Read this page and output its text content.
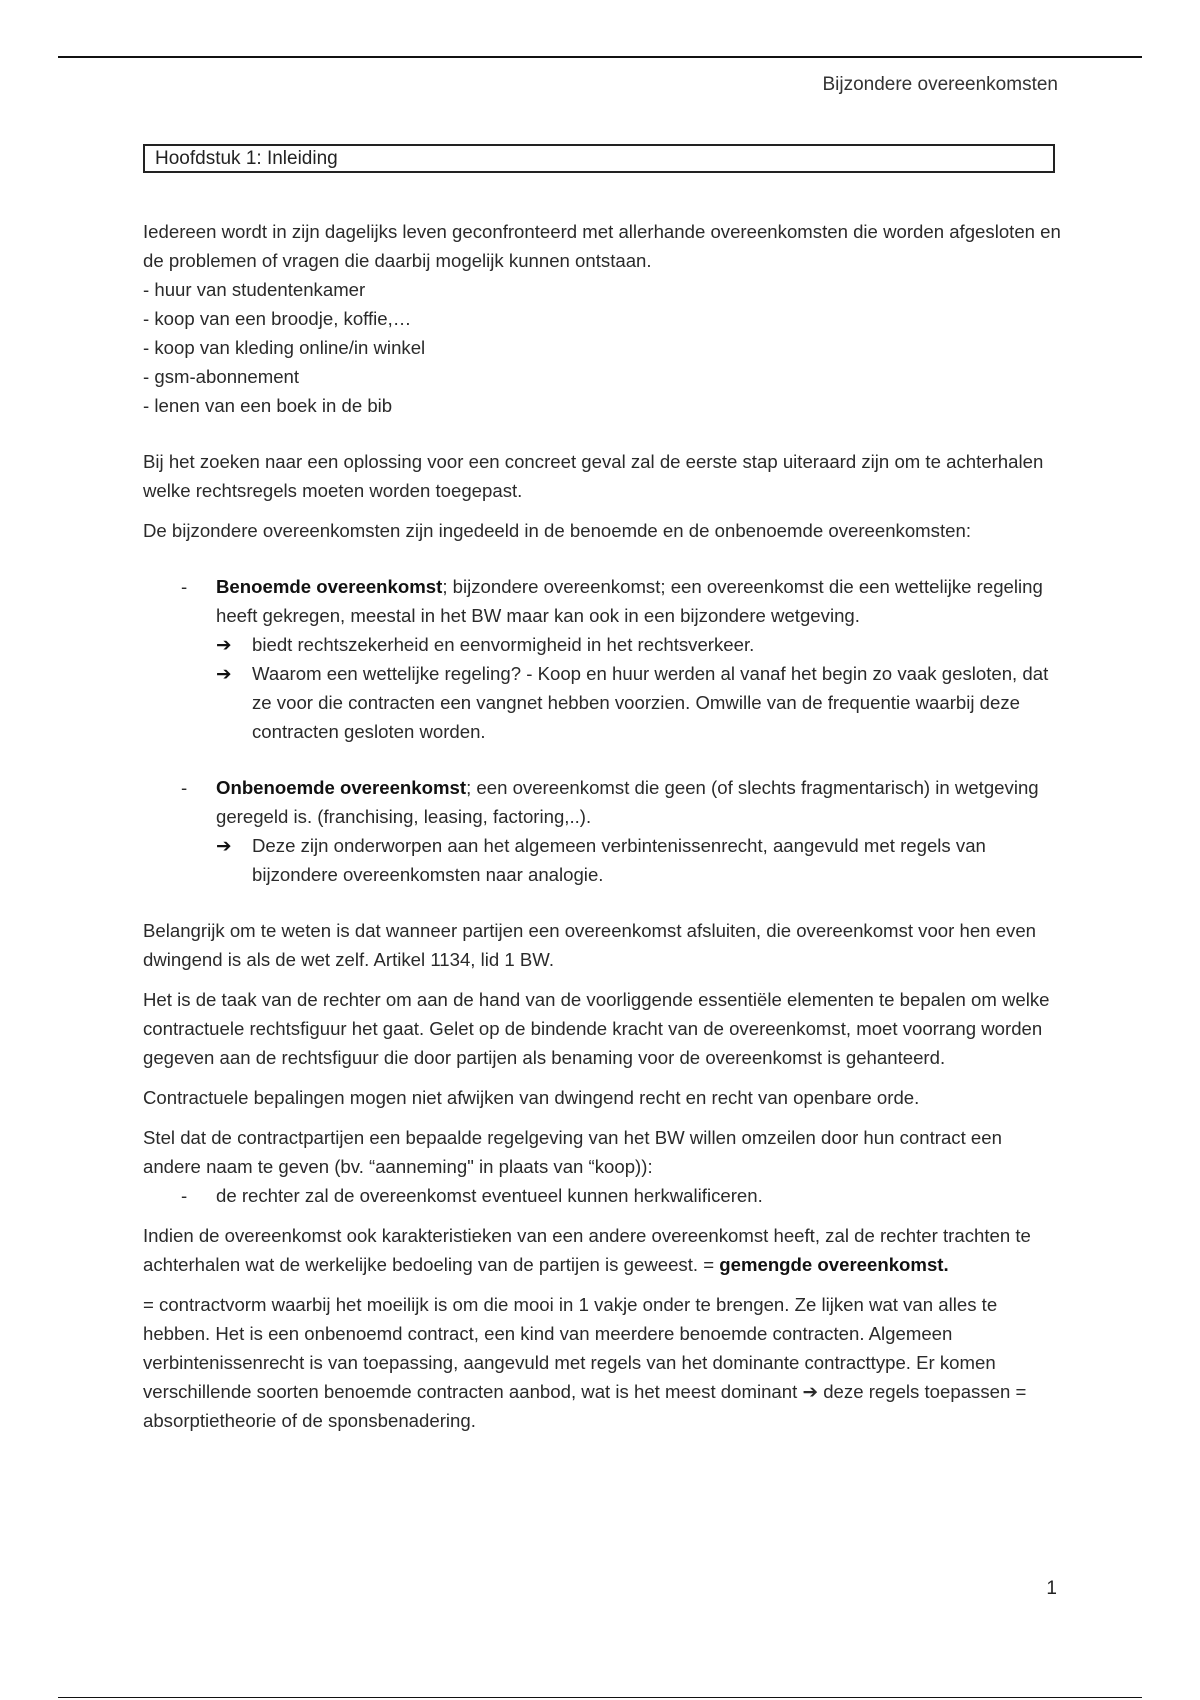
Bijzondere overeenkomsten
Hoofdstuk 1: Inleiding

Iedereen wordt in zijn dagelijks leven geconfronteerd met allerhande overeenkomsten die worden afgesloten en de problemen of vragen die daarbij mogelijk kunnen ontstaan.

- huur van studentenkamer
- koop van een broodje, koffie,…
- koop van kleding online/in winkel
- gsm-abonnement
- lenen van een boek in de bib

Bij het zoeken naar een oplossing voor een concreet geval zal de eerste stap uiteraard zijn om te achterhalen welke rechtsregels moeten worden toegepast.

De bijzondere overeenkomsten zijn ingedeeld in de benoemde en de onbenoemde overeenkomsten:

- Benoemde overeenkomst; bijzondere overeenkomst; een overeenkomst die een wettelijke regeling heeft gekregen, meestal in het BW maar kan ook in een bijzondere wetgeving.

➔ biedt rechtszekerheid en eenvormigheid in het rechtsverkeer.
➔ Waarom een wettelijke regeling? - Koop en huur werden al vanaf het begin zo vaak gesloten, dat ze voor die contracten een vangnet hebben voorzien. Omwille van de frequentie waarbij deze contracten gesloten worden.
- Onbenoemde overeenkomst; een overeenkomst die geen (of slechts fragmentarisch) in wetgeving geregeld is. (franchising, leasing, factoring,..).

➔ Deze zijn onderworpen aan het algemeen verbintenissenrecht, aangevuld met regels van bijzondere overeenkomsten naar analogie.

Belangrijk om te weten is dat wanneer partijen een overeenkomst afsluiten, die overeenkomst voor hen even dwingend is als de wet zelf. Artikel 1134, lid 1 BW.

Het is de taak van de rechter om aan de hand van de voorliggende essentiële elementen te bepalen om welke contractuele rechtsfiguur het gaat. Gelet op de bindende kracht van de overeenkomst, moet voorrang worden gegeven aan de rechtsfiguur die door partijen als benaming voor de overeenkomst is gehanteerd.

Contractuele bepalingen mogen niet afwijken van dwingend recht en recht van openbare orde.

Stel dat de contractpartijen een bepaalde regelgeving van het BW willen omzeilen door hun contract een andere naam te geven (bv. “aanneming" in plaats van “koop)):

- de rechter zal de overeenkomst eventueel kunnen herkwalificeren.

Indien de overeenkomst ook karakteristieken van een andere overeenkomst heeft, zal de rechter trachten te achterhalen wat de werkelijke bedoeling van de partijen is geweest. = gemengde overeenkomst.

= contractvorm waarbij het moeilijk is om die mooi in 1 vakje onder te brengen. Ze lijken wat van alles te hebben. Het is een onbenoemd contract, een kind van meerdere benoemde contracten. Algemeen verbintenissenrecht is van toepassing, aangevuld met regels van het dominante contracttype. Er komen verschillende soorten benoemde contracten aanbod, wat is het meest dominant ➔ deze regels toepassen = absorptietheorie of de sponsbenadering.

1
